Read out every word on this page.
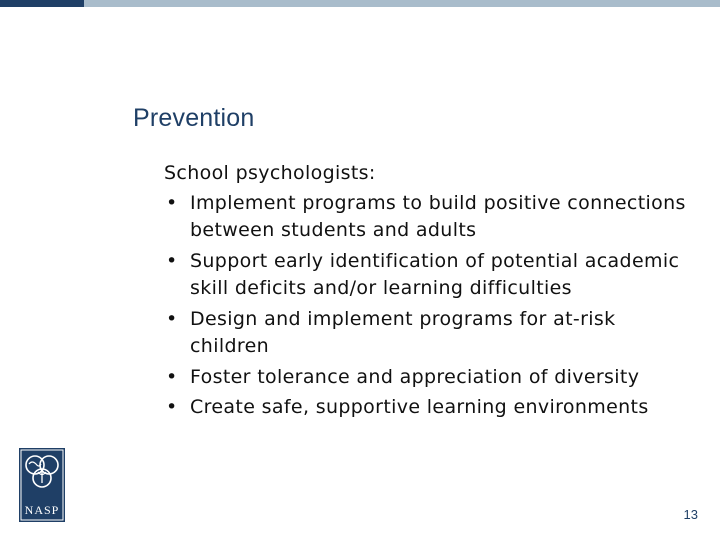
Prevention

School psychologists:

• Implement programs to build positive connections between students and adults
• Support early identification of potential academic skill deficits and/or learning difficulties
• Design and implement programs for at-risk children
• Foster tolerance and appreciation of diversity
• Create safe, supportive learning environments
NASP	13
